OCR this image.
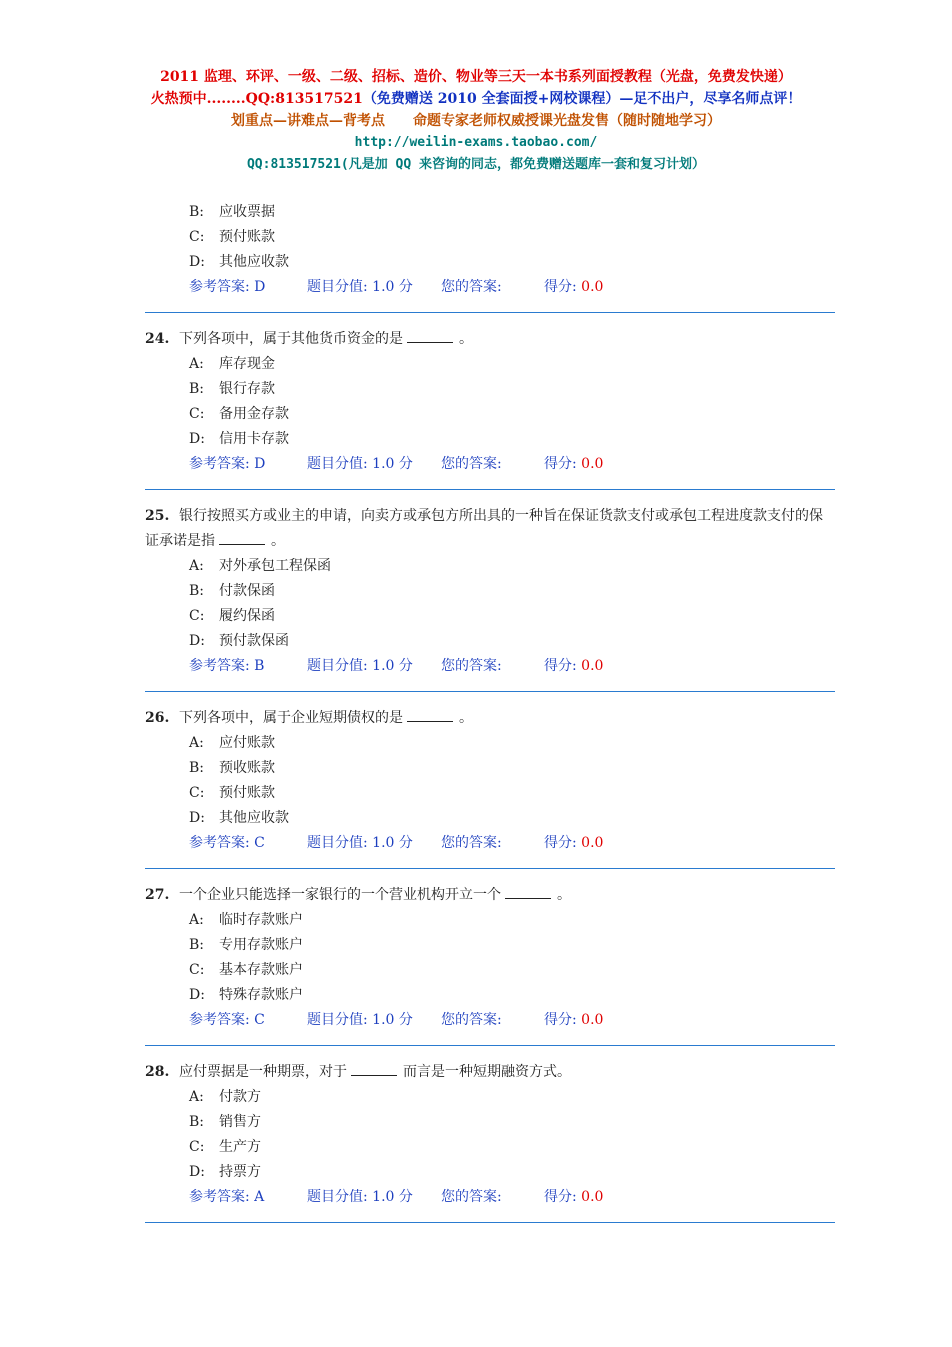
2011 监理、环评、一级、二级、招标、造价、物业等三天一本书系列面授教程（光盘，免费发快递）
火热预中........QQ:813517521（免费赠送 2010 全套面授+网校课程）—足不出户，尽享名师点评！
划重点—讲难点—背考点　　命题专家老师权威授课光盘发售（随时随地学习）
http://weilin-exams.taobao.com/
QQ:813517521(凡是加 QQ 来咨询的同志，都免费赠送题库一套和复习计划）
B: 应收票据
C: 预付账款
D: 其他应收款
参考答案: D	题目分值: 1.0 分 您的答案:	得分: 0.0
24. 下列各项中，属于其他货币资金的是	。
A: 库存现金
B: 银行存款
C: 备用金存款
D: 信用卡存款
参考答案: D	题目分值: 1.0 分 您的答案:	得分: 0.0
25. 银行按照买方或业主的申请，向卖方或承包方所出具的一种旨在保证货款支付或承包工程进度款支付的保证承诺是指	。
A: 对外承包工程保函
B: 付款保函
C: 履约保函
D: 预付款保函
参考答案: B	题目分值: 1.0 分 您的答案:	得分: 0.0
26. 下列各项中，属于企业短期债权的是	。
A: 应付账款
B: 预收账款
C: 预付账款
D: 其他应收款
参考答案: C	题目分值: 1.0 分 您的答案:	得分: 0.0
27. 一个企业只能选择一家银行的一个营业机构开立一个	。
A: 临时存款账户
B: 专用存款账户
C: 基本存款账户
D: 特殊存款账户
参考答案: C	题目分值: 1.0 分 您的答案:	得分: 0.0
28. 应付票据是一种期票，对于	而言是一种短期融资方式。
A: 付款方
B: 销售方
C: 生产方
D: 持票方
参考答案: A	题目分值: 1.0 分 您的答案:	得分: 0.0
